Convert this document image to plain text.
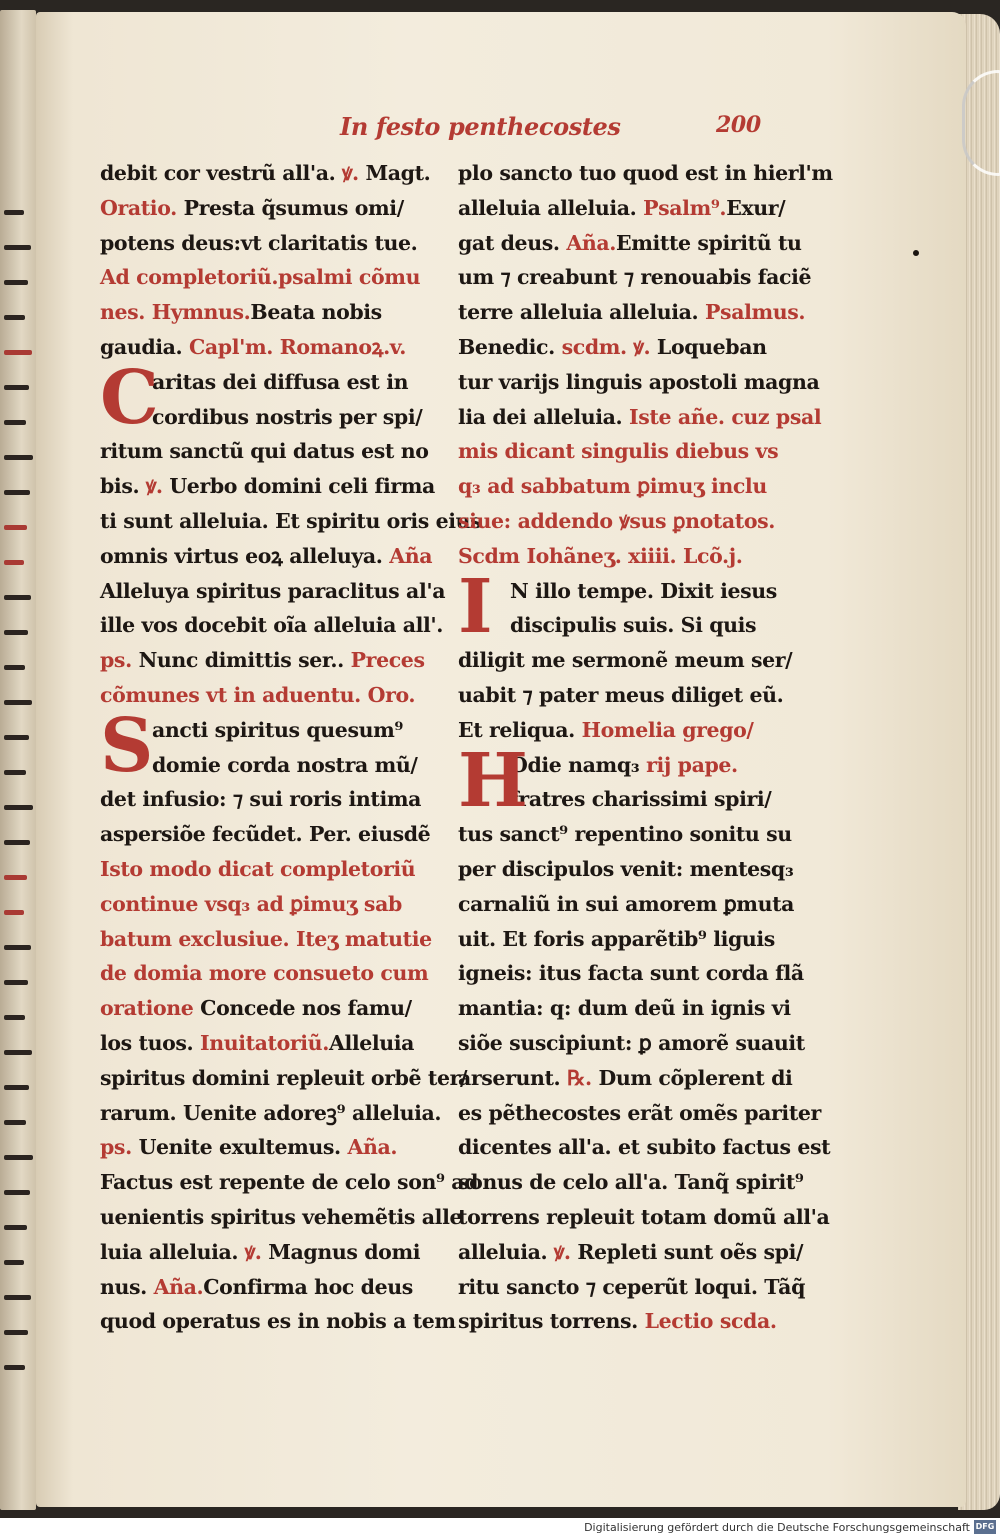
In festo penthecostes	200
debit cor vestrũ all'a. ꝟ. Magt.
Oratio. Presta q̃sumus omi/
potens deus:vt claritatis tue.
Ad completoriũ.psalmi cõmu
nes. Hymnus.Beata nobis
gaudia. Capl'm. Romanoꝝ.v.
C
aritas dei diffusa est in
cordibus nostris per spi/
ritum sanctũ qui datus est no
bis. ꝟ. Uerbo domini celi firma
ti sunt alleluia. Et spiritu oris eius
omnis virtus eoꝝ alleluya. Aña
Alleluya spiritus paraclitus al'a
ille vos docebit oĩa alleluia all'.
ps. Nunc dimittis ser.. Preces
cõmunes vt in aduentu. Oro.
S
ancti spiritus quesum⁹
domie corda nostra mũ/
det infusio: ⁊ sui roris intima
aspersiõe fecũdet. Per. eiusdẽ
Isto modo dicat completoriũ
continue vsq₃ ad ꝑimuʒ sab
batum exclusiue. Iteʒ matutie
de domia more consueto cum
oratione Concede nos famu/
los tuos. Inuitatoriũ.Alleluia
spiritus domini repleuit orbẽ ter/
rarum. Uenite adoreꝫ⁹ alleluia.
ps. Uenite exultemus. Aña.
Factus est repente de celo son⁹ ad
uenientis spiritus vehemẽtis alle
luia alleluia. ꝟ. Magnus domi
nus. Aña.Confirma hoc deus
quod operatus es in nobis a tem
plo sancto tuo quod est in hierl'm
alleluia alleluia. Psalm⁹.Exur/
gat deus. Aña.Emitte spiritũ tu
um ⁊ creabunt ⁊ renouabis faciẽ
terre alleluia alleluia. Psalmus.
Benedic. scdm. ꝟ. Loqueban
tur varijs linguis apostoli magna
lia dei alleluia. Iste añe. cuz psal
mis dicant singulis diebus vs
q₃ ad sabbatum ꝑimuʒ inclu
siue: addendo ꝟsus ꝑnotatos.
Scdm Iohãneʒ. xiiii. Lcõ.j.
I N illo tempe. Dixit iesus
discipulis suis. Si quis
diligit me sermonẽ meum ser/
uabit ⁊ pater meus diliget eũ.
Et reliqua. Homelia grego/
H
Odie namq₃ rij pape.
fratres charissimi spiri/
tus sanct⁹ repentino sonitu su
per discipulos venit: mentesq₃
carnaliũ in sui amorem ꝑmuta
uit. Et foris apparẽtib⁹ liguis
igneis: itus facta sunt corda flã
mantia: q: dum deũ in ignis vi
siõe suscipiunt: ꝑ amorẽ suauit
arserunt. ℞. Dum cõplerent di
es pẽthecostes erãt omẽs pariter
dicentes all'a. et subito factus est
sonus de celo all'a. Tanq̃ spirit⁹
torrens repleuit totam domũ all'a
alleluia. ꝟ. Repleti sunt oẽs spi/
ritu sancto ⁊ ceperũt loqui. Tãq̃
spiritus torrens. Lectio scda.
Digitalisierung gefördert durch die Deutsche Forschungsgemeinschaft DFG
